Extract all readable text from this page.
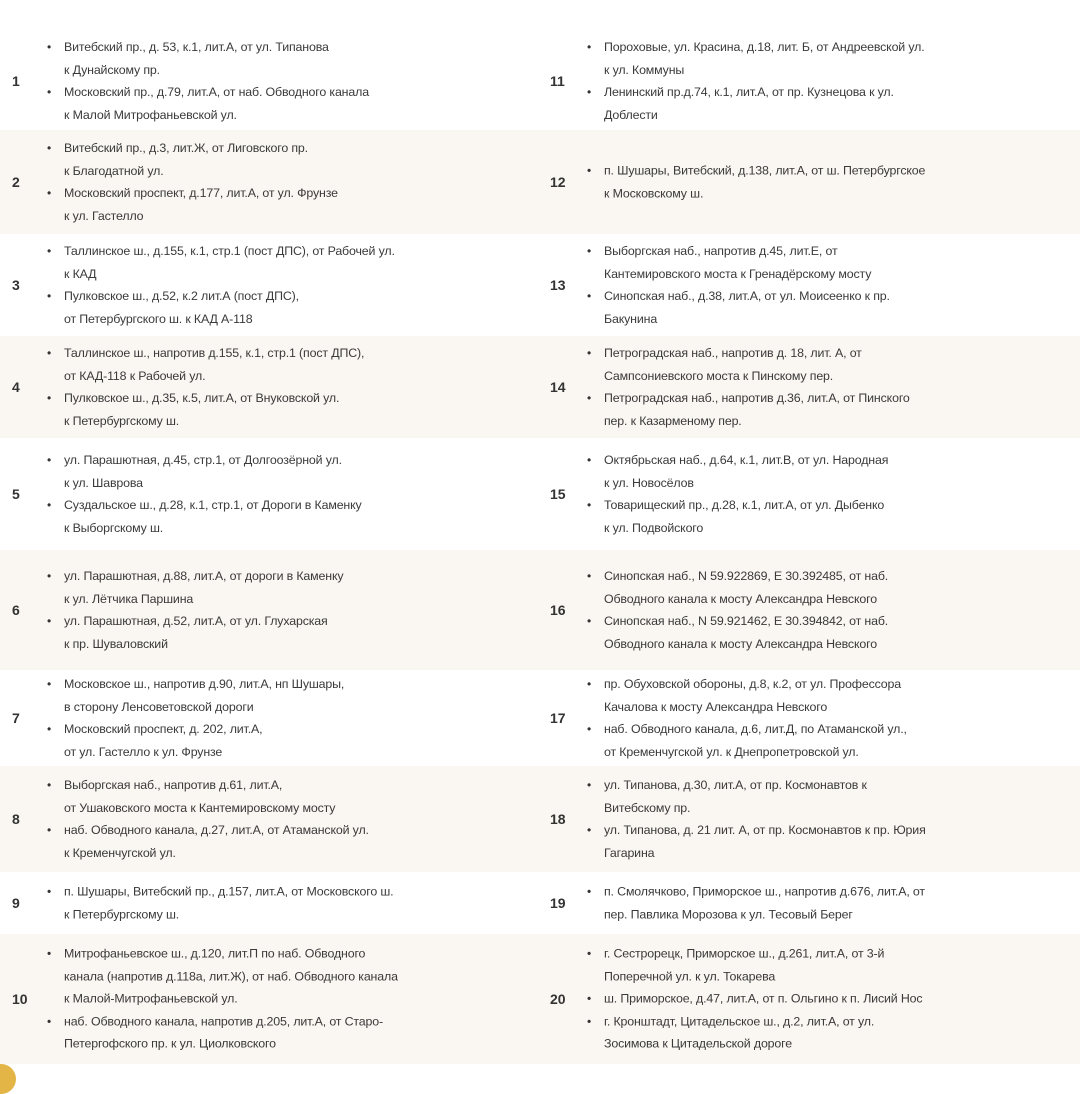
1
• Витебский пр., д. 53, к.1, лит.А, от ул. Типанова
к Дунайскому пр.
• Московский пр., д.79, лит.А, от наб. Обводного канала
к Малой Митрофаньевской ул.
2
• Витебский пр., д.3, лит.Ж, от Лиговского пр.
к Благодатной ул.
• Московский проспект, д.177, лит.А, от ул. Фрунзе
к ул. Гастелло
3
• Таллинское ш., д.155, к.1, стр.1 (пост ДПС), от Рабочей ул.
к КАД
• Пулковское ш., д.52, к.2 лит.А (пост ДПС),
от Петербургского ш. к КАД А-118
4
• Таллинское ш., напротив д.155, к.1, стр.1 (пост ДПС),
от КАД-118 к Рабочей ул.
• Пулковское ш., д.35, к.5, лит.А, от Внуковской ул.
к Петербургскому ш.
5
• ул. Парашютная, д.45, стр.1, от Долгоозёрной ул.
к ул. Шаврова
• Суздальское ш., д.28, к.1, стр.1, от Дороги в Каменку
к Выборгскому ш.
6
• ул. Парашютная, д.88, лит.А, от дороги в Каменку
к ул. Лётчика Паршина
• ул. Парашютная, д.52, лит.А, от ул. Глухарская
к пр. Шуваловский
7
• Московское ш., напротив д.90, лит.А, нп Шушары,
в сторону Ленсоветовской дороги
• Московский проспект, д. 202, лит.А,
от ул. Гастелло к ул. Фрунзе
8
• Выборгская наб., напротив д.61, лит.А,
от Ушаковского моста к Кантемировскому мосту
• наб. Обводного канала, д.27, лит.А, от Атаманской ул.
к Кременчугской ул.
9
• п. Шушары, Витебский пр., д.157, лит.А, от Московского ш.
к Петербургскому ш.
10
• Митрофаньевское ш., д.120, лит.П по наб. Обводного
канала (напротив д.118а, лит.Ж), от наб. Обводного канала
к Малой-Митрофаньевской ул.
• наб. Обводного канала, напротив д.205, лит.А, от Старо-
Петергофского пр. к ул. Циолковского
11
• Пороховые, ул. Красина, д.18, лит. Б, от Андреевской ул.
к ул. Коммуны
• Ленинский пр.д.74, к.1, лит.А, от пр. Кузнецова к ул.
Доблести
12
• п. Шушары, Витебский, д.138, лит.А, от ш. Петербургское
к Московскому ш.
13
• Выборгская наб., напротив д.45, лит.Е, от
Кантемировского моста к Гренадёрскому мосту
• Синопская наб., д.38, лит.А, от ул. Моисеенко к пр.
Бакунина
14
• Петроградская наб., напротив д. 18, лит. А, от
Сампсониевского моста к Пинскому пер.
• Петроградская наб., напротив д.36, лит.А, от Пинского
пер. к Казарменому пер.
15
• Октябрьская наб., д.64, к.1, лит.В, от ул. Народная
к ул. Новосёлов
• Товарищеский пр., д.28, к.1, лит.А, от ул. Дыбенко
к ул. Подвойского
16
• Синопская наб., N 59.922869, E 30.392485, от наб.
Обводного канала к мосту Александра Невского
• Синопская наб., N 59.921462, E 30.394842, от наб.
Обводного канала к мосту Александра Невского
17
• пр. Обуховской обороны, д.8, к.2, от ул. Профессора
Качалова к мосту Александра Невского
• наб. Обводного канала, д.6, лит.Д, по Атаманской ул.,
от Кременчугской ул. к Днепропетровской ул.
18
• ул. Типанова, д.30, лит.А, от пр. Космонавтов к
Витебскому пр.
• ул. Типанова, д. 21 лит. А, от пр. Космонавтов к пр. Юрия
Гагарина
19
• п. Смолячково, Приморское ш., напротив д.676, лит.А, от
пер. Павлика Морозова к ул. Тесовый Берег
20
• г. Сестрорецк, Приморское ш., д.261, лит.А, от 3-й
Поперечной ул. к ул. Токарева
• ш. Приморское, д.47, лит.А, от п. Ольгино к п. Лисий Нос
• г. Кронштадт, Цитадельское ш., д.2, лит.А, от ул.
Зосимова к Цитадельской дороге
